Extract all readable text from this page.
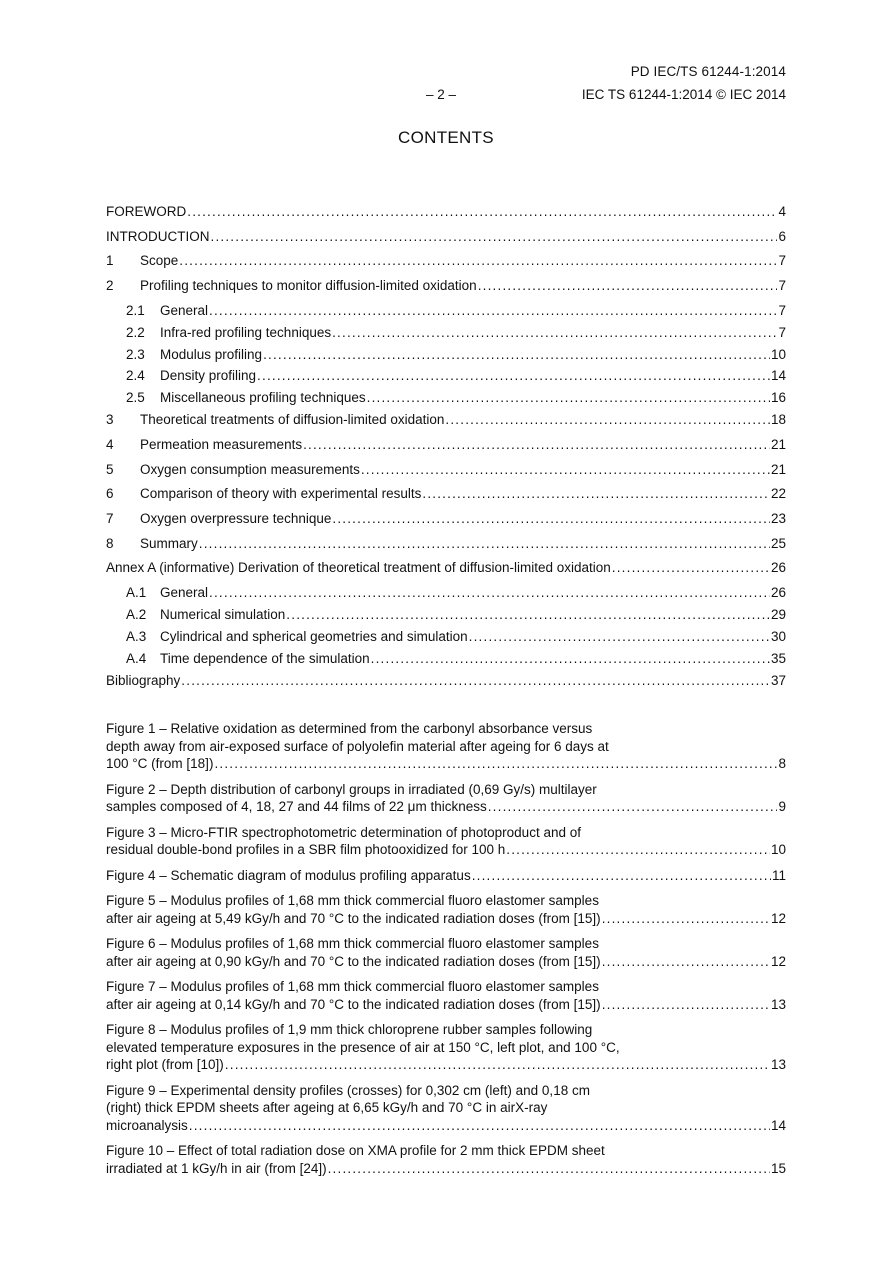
PD IEC/TS 61244-1:2014
– 2 –	IEC TS 61244-1:2014 © IEC 2014
CONTENTS
FOREWORD .....	4
INTRODUCTION .....	6
1	Scope .....	7
2	Profiling techniques to monitor diffusion-limited oxidation .....	7
2.1	General .....	7
2.2	Infra-red profiling techniques .....	7
2.3	Modulus profiling .....	10
2.4	Density profiling .....	14
2.5	Miscellaneous profiling techniques .....	16
3	Theoretical treatments of diffusion-limited oxidation .....	18
4	Permeation measurements .....	21
5	Oxygen consumption measurements .....	21
6	Comparison of theory with experimental results .....	22
7	Oxygen overpressure technique .....	23
8	Summary .....	25
Annex A (informative) Derivation of theoretical treatment of diffusion-limited oxidation .....	26
A.1	General .....	26
A.2	Numerical simulation .....	29
A.3	Cylindrical and spherical geometries and simulation .....	30
A.4	Time dependence of the simulation .....	35
Bibliography .....	37
Figure 1 – Relative oxidation as determined from the carbonyl absorbance versus
depth away from air-exposed surface of polyolefin material after ageing for 6 days at
100 °C (from [18]) .....	8
Figure 2 – Depth distribution of carbonyl groups in irradiated (0,69 Gy/s) multilayer
samples composed of 4, 18, 27 and 44 films of 22 μm thickness .....	9
Figure 3 – Micro-FTIR spectrophotometric determination of photoproduct and of
residual double-bond profiles in a SBR film photooxidized for 100 h .....	10
Figure 4 – Schematic diagram of modulus profiling apparatus .....	11
Figure 5 – Modulus profiles of 1,68 mm thick commercial fluoro elastomer samples
after air ageing at 5,49 kGy/h and 70 °C to the indicated radiation doses (from [15]) .....	12
Figure 6 – Modulus profiles of 1,68 mm thick commercial fluoro elastomer samples
after air ageing at 0,90 kGy/h and 70 °C to the indicated radiation doses (from [15]) .....	12
Figure 7 – Modulus profiles of 1,68 mm thick commercial fluoro elastomer samples
after air ageing at 0,14 kGy/h and 70 °C to the indicated radiation doses (from [15]) .....	13
Figure 8 – Modulus profiles of 1,9 mm thick chloroprene rubber samples following
elevated temperature exposures in the presence of air at 150 °C, left plot, and 100 °C,
right plot (from [10]) .....	13
Figure 9 – Experimental density profiles (crosses) for 0,302 cm (left) and 0,18 cm
(right) thick EPDM sheets after ageing at 6,65 kGy/h and 70 °C in airX-ray
microanalysis .....	14
Figure 10 – Effect of total radiation dose on XMA profile for 2 mm thick EPDM sheet
irradiated at 1 kGy/h in air (from [24]) .....	15
